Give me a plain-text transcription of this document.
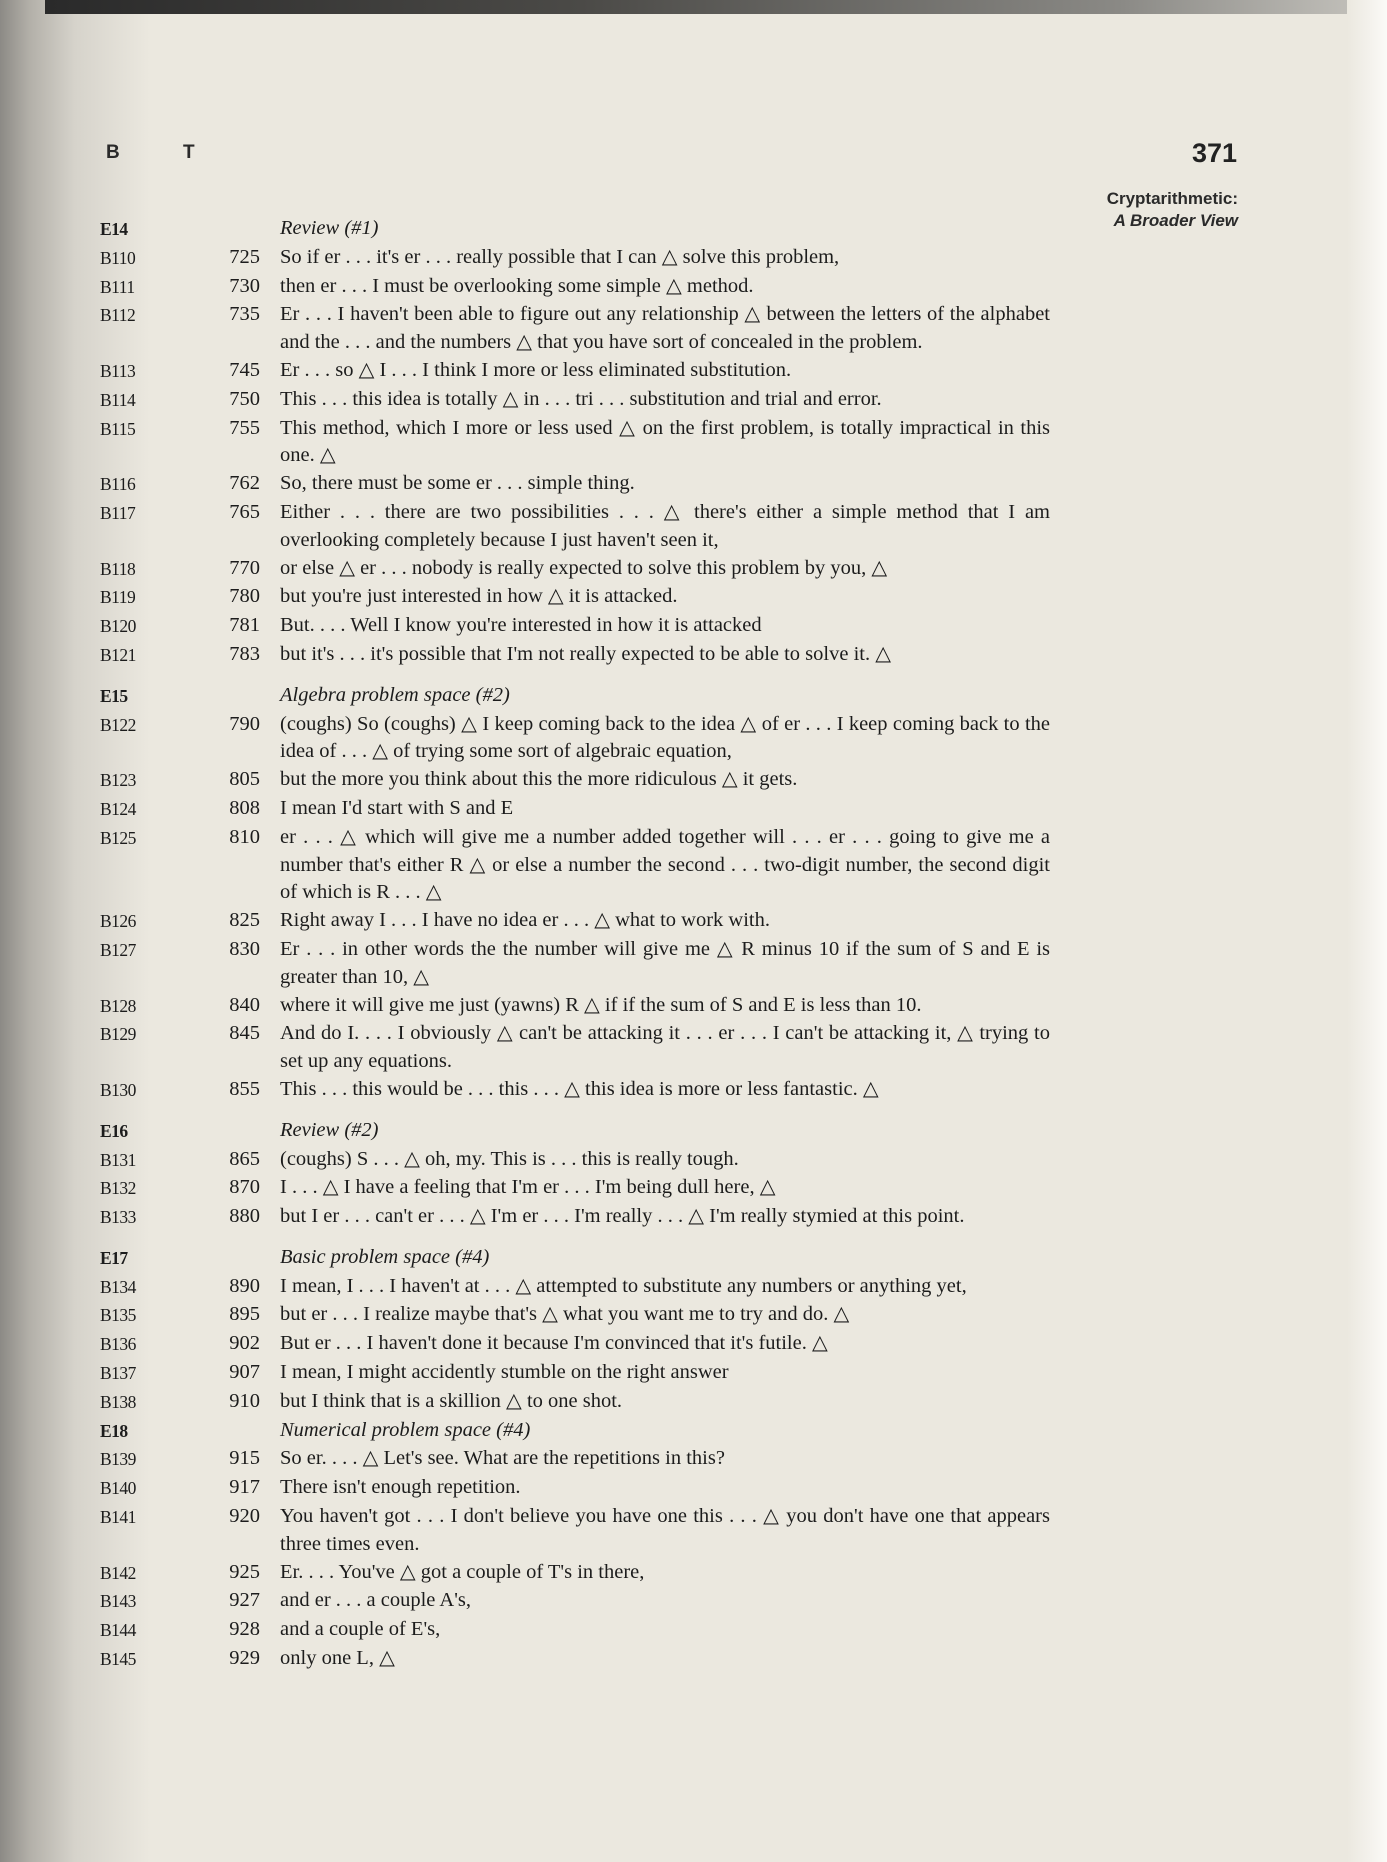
B	T	371
Cryptarithmetic:
A Broader View
E14	Review (#1)
B110	725 So if er . . . it's er . . . really possible that I can △ solve this problem,
B111	730 then er . . . I must be overlooking some simple △ method.
B112	735 Er . . . I haven't been able to figure out any relationship △ between the letters of the alphabet and the . . . and the numbers △ that you have sort of concealed in the problem.
B113	745 Er . . . so △ I . . . I think I more or less eliminated substitution.
B114	750 This . . . this idea is totally △ in . . . tri . . . substitution and trial and error.
B115	755 This method, which I more or less used △ on the first problem, is totally impractical in this one. △
B116	762 So, there must be some er . . . simple thing.
B117	765 Either . . . there are two possibilities . . . △ there's either a simple method that I am overlooking completely because I just haven't seen it,
B118	770 or else △ er . . . nobody is really expected to solve this problem by you, △
B119	780 but you're just interested in how △ it is attacked.
B120	781 But. . . . Well I know you're interested in how it is attacked
B121	783 but it's . . . it's possible that I'm not really expected to be able to solve it. △
E15	Algebra problem space (#2)
B122	790 (coughs) So (coughs) △ I keep coming back to the idea △ of er . . . I keep coming back to the idea of . . . △ of trying some sort of algebraic equation,
B123	805 but the more you think about this the more ridiculous △ it gets.
B124	808 I mean I'd start with S and E
B125	810 er . . . △ which will give me a number added together will . . . er . . . going to give me a number that's either R △ or else a number the second . . . two-digit number, the second digit of which is R . . . △
B126	825 Right away I . . . I have no idea er . . . △ what to work with.
B127	830 Er . . . in other words the the number will give me △ R minus 10 if the sum of S and E is greater than 10, △
B128	840 where it will give me just (yawns) R △ if if the sum of S and E is less than 10.
B129	845 And do I. . . . I obviously △ can't be attacking it . . . er . . . I can't be attacking it, △ trying to set up any equations.
B130	855 This . . . this would be . . . this . . . △ this idea is more or less fantastic. △
E16	Review (#2)
B131	865 (coughs) S . . . △ oh, my. This is . . . this is really tough.
B132	870 I . . . △ I have a feeling that I'm er . . . I'm being dull here, △
B133	880 but I er . . . can't er . . . △ I'm er . . . I'm really . . . △ I'm really stymied at this point.
E17	Basic problem space (#4)
B134	890 I mean, I . . . I haven't at . . . △ attempted to substitute any numbers or anything yet,
B135	895 but er . . . I realize maybe that's △ what you want me to try and do. △
B136	902 But er . . . I haven't done it because I'm convinced that it's futile. △
B137	907 I mean, I might accidently stumble on the right answer
B138	910 but I think that is a skillion △ to one shot.
E18	Numerical problem space (#4)
B139	915 So er. . . . △ Let's see. What are the repetitions in this?
B140	917 There isn't enough repetition.
B141	920 You haven't got . . . I don't believe you have one this . . . △ you don't have one that appears three times even.
B142	925 Er. . . . You've △ got a couple of T's in there,
B143	927 and er . . . a couple A's,
B144	928 and a couple of E's,
B145	929 only one L, △
